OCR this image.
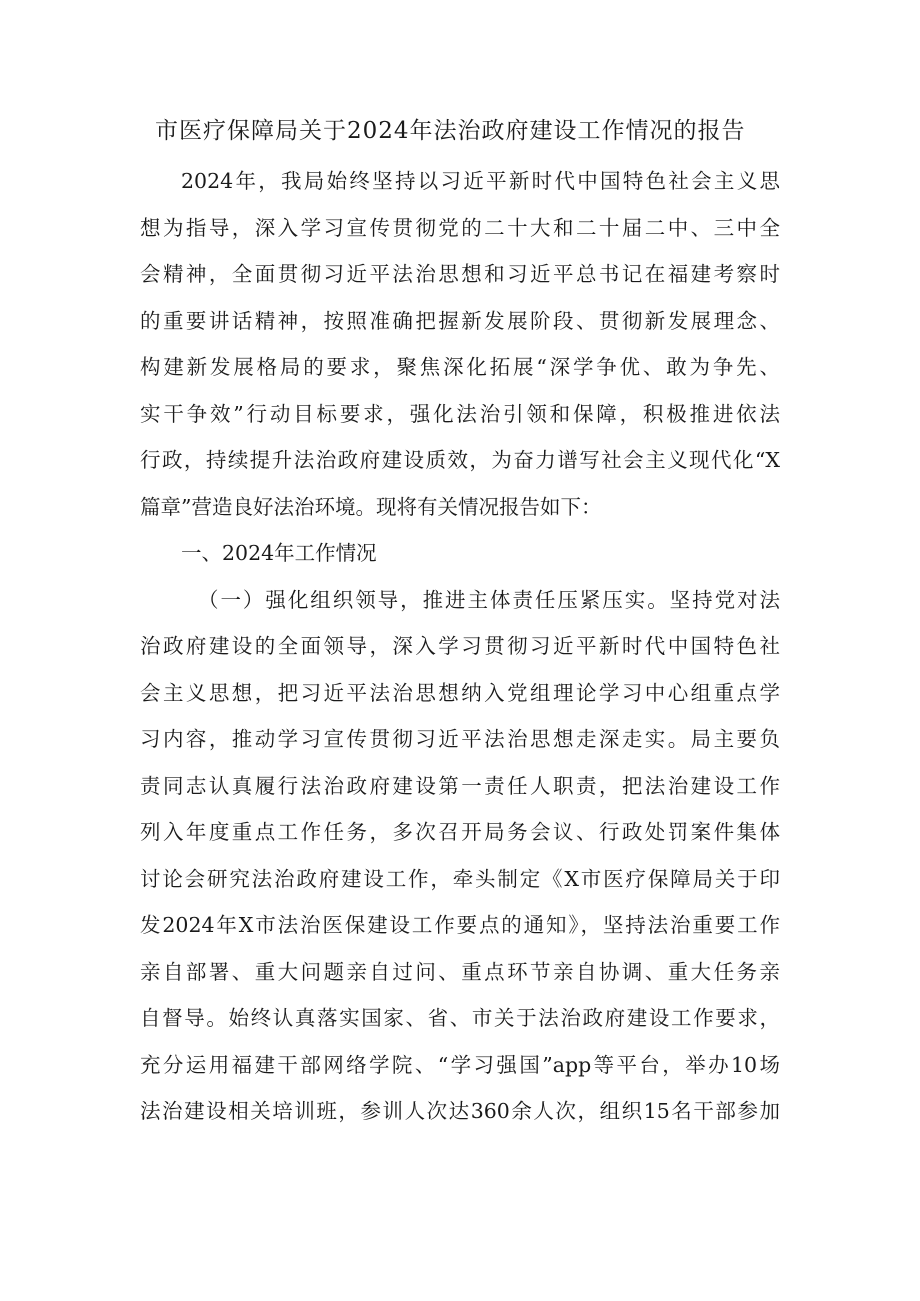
市医疗保障局关于2024年法治政府建设工作情况的报告
2024年，我局始终坚持以习近平新时代中国特色社会主义思
想为指导，深入学习宣传贯彻党的二十大和二十届二中、三中全
会精神，全面贯彻习近平法治思想和习近平总书记在福建考察时
的重要讲话精神，按照准确把握新发展阶段、贯彻新发展理念、
构建新发展格局的要求，聚焦深化拓展“深学争优、敢为争先、
实干争效”行动目标要求，强化法治引领和保障，积极推进依法
行政，持续提升法治政府建设质效，为奋力谱写社会主义现代化“X
篇章”营造良好法治环境。现将有关情况报告如下：
一、2024年工作情况
（一）强化组织领导，推进主体责任压紧压实。坚持党对法
治政府建设的全面领导，深入学习贯彻习近平新时代中国特色社
会主义思想，把习近平法治思想纳入党组理论学习中心组重点学
习内容，推动学习宣传贯彻习近平法治思想走深走实。局主要负
责同志认真履行法治政府建设第一责任人职责，把法治建设工作
列入年度重点工作任务，多次召开局务会议、行政处罚案件集体
讨论会研究法治政府建设工作，牵头制定《X市医疗保障局关于印
发2024年X市法治医保建设工作要点的通知》，坚持法治重要工作
亲自部署、重大问题亲自过问、重点环节亲自协调、重大任务亲
自督导。始终认真落实国家、省、市关于法治政府建设工作要求，
充分运用福建干部网络学院、“学习强国”app等平台，举办10场
法治建设相关培训班，参训人次达360余人次，组织15名干部参加
